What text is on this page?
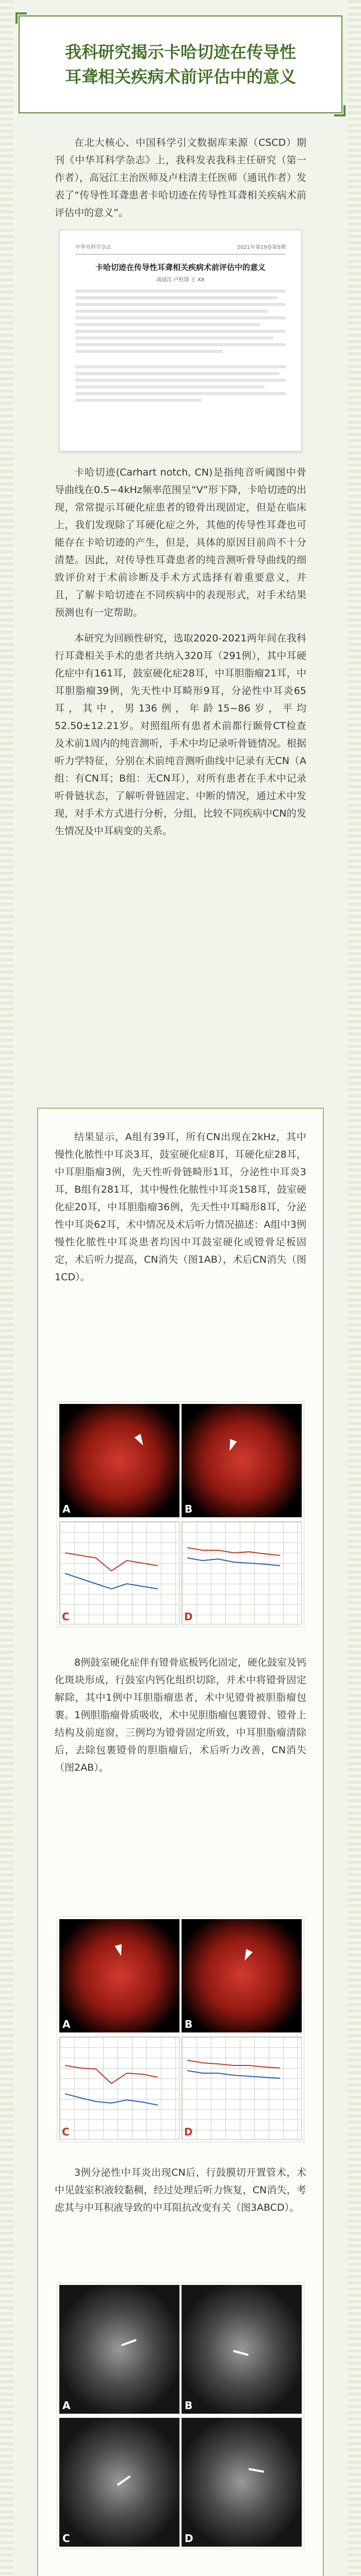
我科研究揭示卡哈切迹在传导性
耳聋相关疾病术前评估中的意义

在北大核心、中国科学引文数据库来源（CSCD）期刊《中华耳科学杂志》上，我科发表我科主任研究（第一作者），高冠江主治医师及卢柱清主任医师（通讯作者）发表了“传导性耳聋患者卡哈切迹在传导性耳聋相关疾病术前评估中的意义”。

中华耳科学杂志	2021年第19卷第5期
卡哈切迹在传导性耳聋相关疾病术前评估中的意义
高冠江 卢柱清 王 XX

卡哈切迹(Carhart notch, CN)是指纯音听阈图中骨导曲线在0.5~4kHz频率范围呈“V”形下降，卡哈切迹的出现，常常提示耳硬化症患者的镫骨出现固定，但是在临床上，我们发现除了耳硬化症之外，其他的传导性耳聋也可能存在卡哈切迹的产生，但是，具体的原因目前尚不十分清楚。因此，对传导性耳聋患者的纯音测听骨导曲线的细致评价对于术前诊断及手术方式选择有着重要意义，并且，了解卡哈切迹在不同疾病中的表现形式，对手术结果预测也有一定帮助。

本研究为回顾性研究，选取2020-2021两年间在我科行耳聋相关手术的患者共纳入320耳（291例），其中耳硬化症中有161耳，鼓室硬化症28耳，中耳胆脂瘤21耳，中耳胆脂瘤39例，先天性中耳畸形9耳，分泌性中耳炎65耳，其中，男136例，年龄15~86岁，平均52.50±12.21岁。对照组所有患者术前都行颞骨CT检查及术前1周内的纯音测听，手术中均记录听骨链情况。根据听力学特征，分别在术前纯音测听曲线中记录有无CN（A组：有CN耳；B组：无CN耳），对所有患者在手术中记录听骨链状态，了解听骨链固定、中断的情况，通过术中发现，对手术方式进行分析，分组，比较不同疾病中CN的发生情况及中耳病变的关系。

结果显示，A组有39耳，所有CN出现在2kHz，其中慢性化脓性中耳炎3耳，鼓室硬化症8耳，耳硬化症28耳，中耳胆脂瘤3例，先天性听骨链畸形1耳，分泌性中耳炎3耳，B组有281耳，其中慢性化脓性中耳炎158耳，鼓室硬化症20耳，中耳胆脂瘤36例，先天性中耳畸形8耳，分泌性中耳炎62耳，术中情况及术后听力情况描述：A组中3例慢性化脓性中耳炎患者均因中耳鼓室硬化或镫骨足板固定，术后听力提高，CN消失（图1AB），术后CN消失（图1CD）。

A	B
C	D

8例鼓室硬化症伴有镫骨底板钙化固定，硬化鼓室及钙化斑块形成，行鼓室内钙化组织切除，并术中将镫骨固定解除，其中1例中耳胆脂瘤患者，术中见镫骨被胆脂瘤包裹。1例胆脂瘤骨质吸收，术中见胆脂瘤包裹镫骨、镫骨上结构及前庭窗，三例均为镫骨固定所致，中耳胆脂瘤清除后，去除包裹镫骨的胆脂瘤后，术后听力改善，CN消失（图2AB）。

A	B
C	D

3例分泌性中耳炎出现CN后，行鼓膜切开置管术，术中见鼓室积液较黏稠，经过处理后听力恢复，CN消失，考虑其与中耳积液导致的中耳阻抗改变有关（图3ABCD）。

A	B
C	D
